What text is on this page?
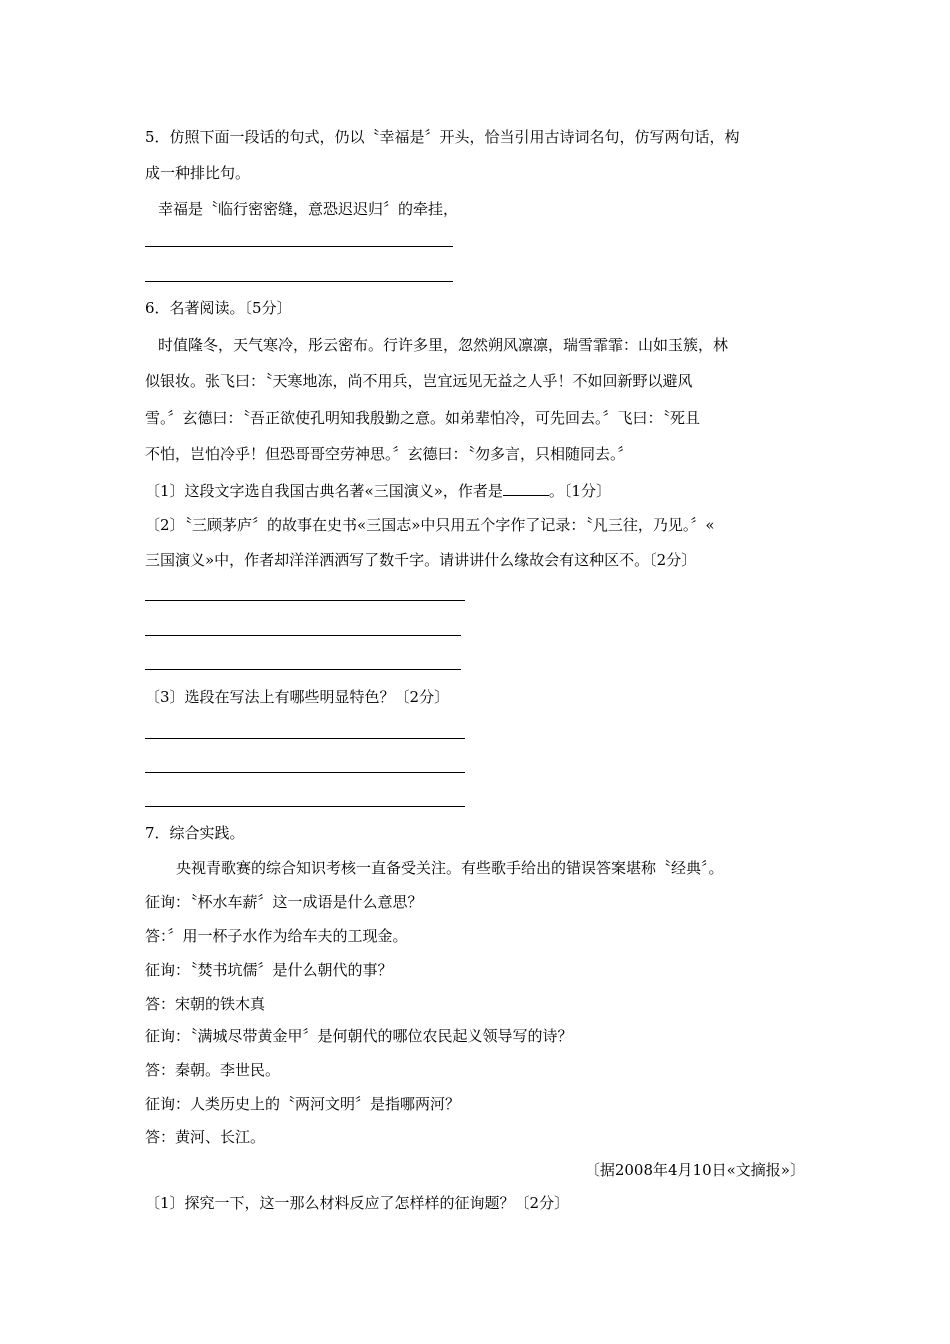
5．仿照下面一段话的句式，仍以〝幸福是〞开头，恰当引用古诗词名句，仿写两句话，构
成一种排比句。
幸福是〝临行密密缝，意恐迟迟归〞的牵挂，
6．名著阅读。〔5分〕
时值隆冬，天气寒冷，彤云密布。行许多里，忽然朔风凛凛，瑞雪霏霏：山如玉簇，林
似银妆。张飞曰：〝天寒地冻，尚不用兵，岂宜远见无益之人乎！不如回新野以避风
雪。〞玄德曰：〝吾正欲使孔明知我殷勤之意。如弟辈怕冷，可先回去。〞飞曰：〝死且
不怕，岂怕冷乎！但恐哥哥空劳神思。〞玄德曰：〝勿多言，只相随同去。〞
〔1〕这段文字选自我国古典名著«三国演义»，作者是	。〔1分〕
〔2〕〝三顾茅庐〞的故事在史书«三国志»中只用五个字作了记录：〝凡三往，乃见。〞«
三国演义»中，作者却洋洋洒洒写了数千字。请讲讲什么缘故会有这种区不。〔2分〕
〔3〕选段在写法上有哪些明显特色？〔2分〕
7．综合实践。
央视青歌赛的综合知识考核一直备受关注。有些歌手给出的错误答案堪称〝经典〞。
征询：〝杯水车薪〞这一成语是什么意思？
答：〞用一杯子水作为给车夫的工现金。
征询：〝焚书坑儒〞是什么朝代的事？
答：宋朝的铁木真
征询：〝满城尽带黄金甲〞是何朝代的哪位农民起义领导写的诗？
答：秦朝。李世民。
征询：人类历史上的〝两河文明〞是指哪两河？
答：黄河、长江。
〔据2008年4月10日«文摘报»〕
〔1〕探究一下，这一那么材料反应了怎样样的征询题？〔2分〕
